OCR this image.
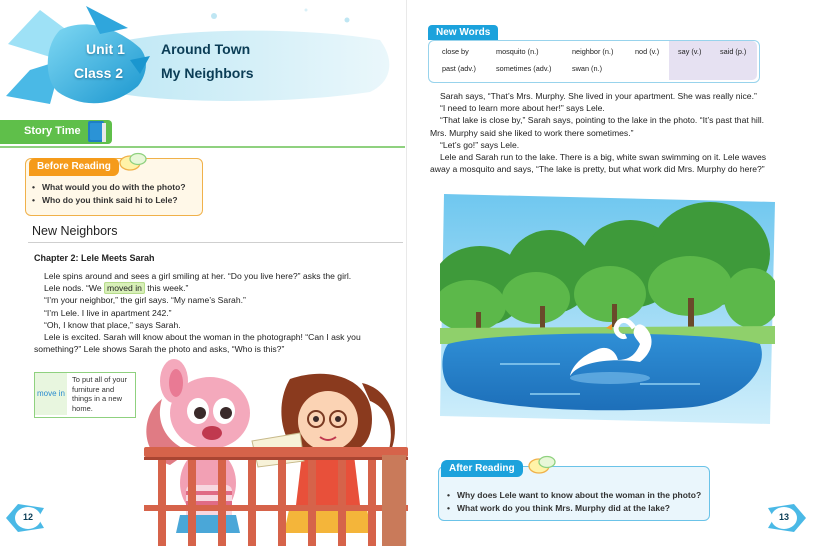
Unit 1
Class 2
Around Town
My Neighbors
Story Time
• What would you do with the photo?
• Who do you think said hi to Lele?
Before Reading
New Neighbors
Chapter 2: Lele Meets Sarah

Lele spins around and sees a girl smiling at her. “Do you live here?” asks the girl.

Lele nods. “We moved in this week.”

“I’m your neighbor,” the girl says. “My name’s Sarah.”

“I’m Lele. I live in apartment 242.”

“Oh, I know that place,” says Sarah.

Lele is excited. Sarah will know about the woman in the photograph! “Can I ask you something?” Lele shows Sarah the photo and asks, “Who is this?”

move in
To put all of your furniture and things in a new home.
12
New Words
close by	mosquito (n.)	neighbor (n.)	nod (v.)	say (v.)	said (p.)
past (adv.)	sometimes (adv.)	swan (n.)

Sarah says, “That’s Mrs. Murphy. She lived in your apartment. She was really nice.”

“I need to learn more about her!” says Lele.

“That lake is close by,” Sarah says, pointing to the lake in the photo. “It’s past that hill. Mrs. Murphy said she liked to work there sometimes.”

“Let’s go!” says Lele.

Lele and Sarah run to the lake. There is a big, white swan swimming on it. Lele waves away a mosquito and says, “The lake is pretty, but what work did Mrs. Murphy do here?”

• Why does Lele want to know about the woman in the photo?
• What work do you think Mrs. Murphy did at the lake?
After Reading
13
